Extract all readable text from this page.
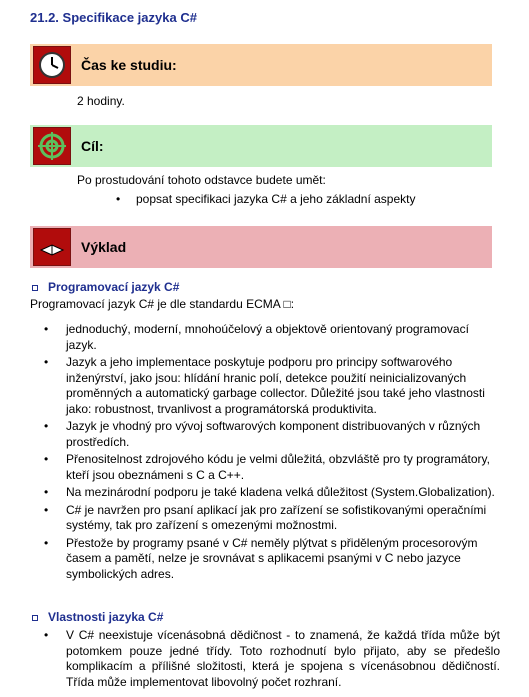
21.2. Specifikace jazyka C#
Čas ke studiu:
2 hodiny.
Cíl:
Po prostudování tohoto odstavce budete umět:
• popsat specifikaci jazyka C# a jeho základní aspekty
Výklad
Programovací jazyk C#
Programovací jazyk C# je dle standardu ECMA □:
• jednoduchý, moderní, mnohoúčelový a objektově orientovaný programovací jazyk.
• Jazyk a jeho implementace poskytuje podporu pro principy softwarového inženýrství, jako jsou: hlídání hranic polí, detekce použití neinicializovaných proměnných a automatický garbage collector. Důležité jsou také jeho vlastnosti jako: robustnost, trvanlivost a programátorská produktivita.
• Jazyk je vhodný pro vývoj softwarových komponent distribuovaných v různých prostředích.
• Přenositelnost zdrojového kódu je velmi důležitá, obzvláště pro ty programátory, kteří jsou obeznámeni s C a C++.
• Na mezinárodní podporu je také kladena velká důležitost (System.Globalization).
• C# je navržen pro psaní aplikací jak pro zařízení se sofistikovanými operačními systémy, tak pro zařízení s omezenými možnostmi.
• Přestože by programy psané v C# neměly plýtvat s přiděleným procesorovým časem a pamětí, nelze je srovnávat s aplikacemi psanými v C nebo jazyce symbolických adres.
Vlastnosti jazyka C#
• V C# neexistuje vícenásobná dědičnost - to znamená, že každá třída může být potomkem pouze jedné třídy. Toto rozhodnutí bylo přijato, aby se předešlo komplikacím a přílišné složitosti, která je spojena s vícenásobnou dědičností. Třída může implementovat libovolný počet rozhraní.
